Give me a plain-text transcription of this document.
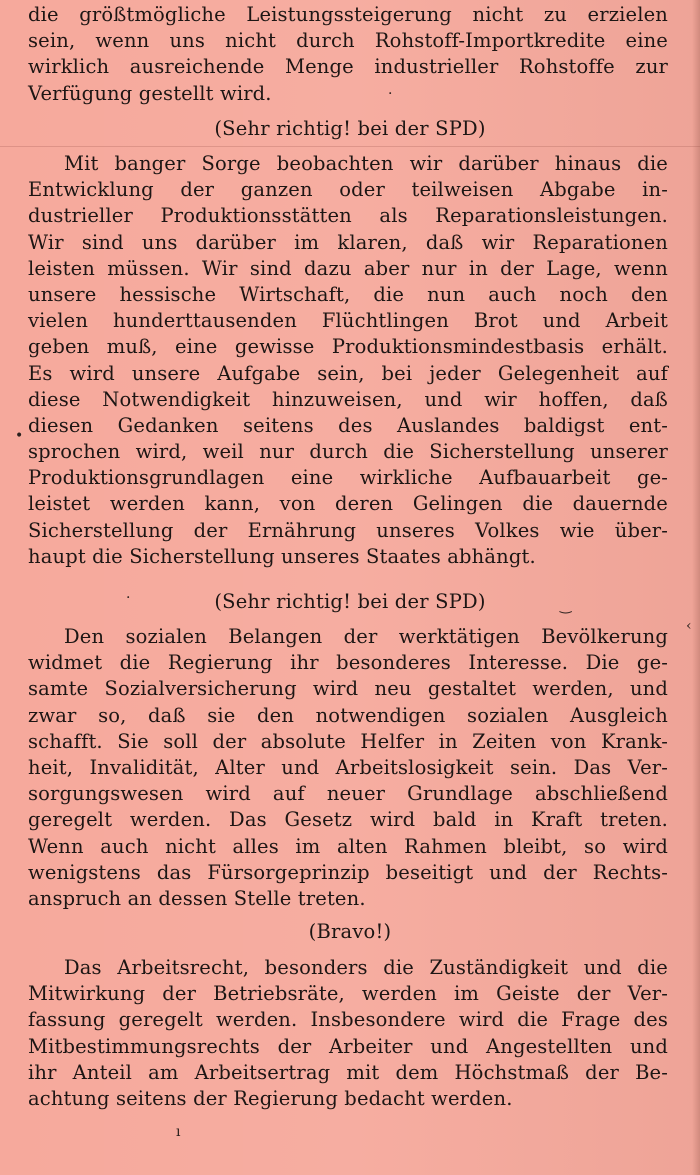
die größtmögliche Leistungssteigerung nicht zu erzielen
sein, wenn uns nicht durch Rohstoff-Importkredite eine
wirklich ausreichende Menge industrieller Rohstoffe zur
Verfügung gestellt wird.
(Sehr richtig! bei der SPD)
Mit banger Sorge beobachten wir darüber hinaus die
Entwicklung der ganzen oder teilweisen Abgabe in-
dustrieller Produktionsstätten als Reparationsleistungen.
Wir sind uns darüber im klaren, daß wir Reparationen
leisten müssen. Wir sind dazu aber nur in der Lage, wenn
unsere hessische Wirtschaft, die nun auch noch den
vielen hunderttausenden Flüchtlingen Brot und Arbeit
geben muß, eine gewisse Produktionsmindestbasis erhält.
Es wird unsere Aufgabe sein, bei jeder Gelegenheit auf
diese Notwendigkeit hinzuweisen, und wir hoffen, daß
diesen Gedanken seitens des Auslandes baldigst ent-
sprochen wird, weil nur durch die Sicherstellung unserer
Produktionsgrundlagen eine wirkliche Aufbauarbeit ge-
leistet werden kann, von deren Gelingen die dauernde
Sicherstellung der Ernährung unseres Volkes wie über-
haupt die Sicherstellung unseres Staates abhängt.
(Sehr richtig! bei der SPD)
Den sozialen Belangen der werktätigen Bevölkerung
widmet die Regierung ihr besonderes Interesse. Die ge-
samte Sozialversicherung wird neu gestaltet werden, und
zwar so, daß sie den notwendigen sozialen Ausgleich
schafft. Sie soll der absolute Helfer in Zeiten von Krank-
heit, Invalidität, Alter und Arbeitslosigkeit sein. Das Ver-
sorgungswesen wird auf neuer Grundlage abschließend
geregelt werden. Das Gesetz wird bald in Kraft treten.
Wenn auch nicht alles im alten Rahmen bleibt, so wird
wenigstens das Fürsorgeprinzip beseitigt und der Rechts-
anspruch an dessen Stelle treten.
(Bravo!)
Das Arbeitsrecht, besonders die Zuständigkeit und die
Mitwirkung der Betriebsräte, werden im Geiste der Ver-
fassung geregelt werden. Insbesondere wird die Frage des
Mitbestimmungsrechts der Arbeiter und Angestellten und
ihr Anteil am Arbeitsertrag mit dem Höchstmaß der Be-
achtung seitens der Regierung bedacht werden.
•
·	‿
‹
ı
·
